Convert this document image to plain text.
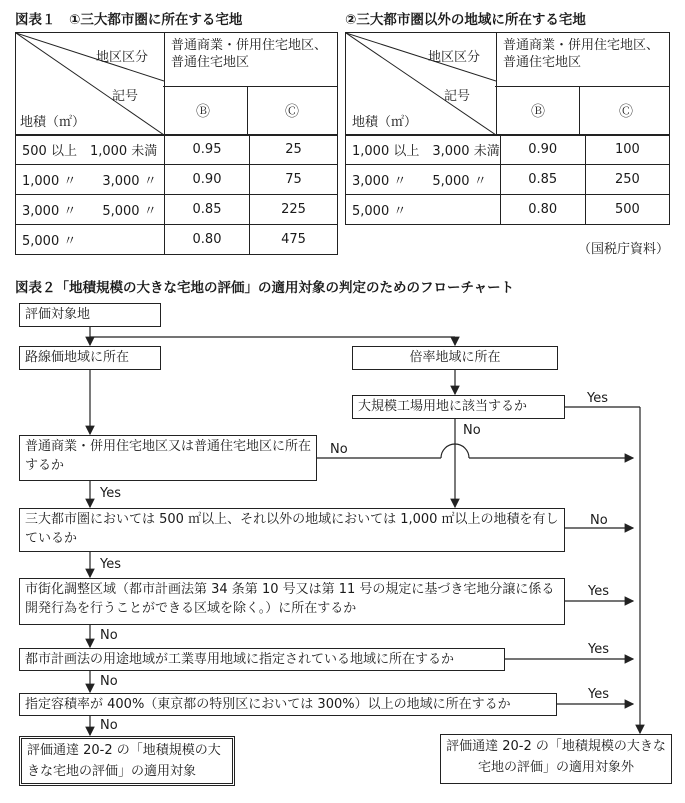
図表１　①三大都市圏に所在する宅地	②三大都市圏以外の地域に所在する宅地
地区区分
記号
地積（㎡）

普通商業・併用住宅地区、普通住宅地区
Ⓑ	Ⓒ
500 以上　1,000 未満	0.95	25
1,000 〃　　3,000 〃	0.90	75
3,000 〃　　5,000 〃	0.85	225
5,000 〃	0.80	475
地区区分
記号
地積（㎡）

普通商業・併用住宅地区、普通住宅地区
Ⓑ	Ⓒ
1,000 以上　3,000 未満	0.90	100
3,000 〃　　5,000 〃	0.85	250
5,000 〃	0.80	500
（国税庁資料）
図表２「地積規模の大きな宅地の評価」の適用対象の判定のためのフローチャート
評価対象地
路線価地域に所在	倍率地域に所在
大規模工場用地に該当するか
普通商業・併用住宅地区又は普通住宅地区に所在するか
三大都市圏においては 500 ㎡以上、それ以外の地域においては 1,000 ㎡以上の地積を有しているか
市街化調整区域（都市計画法第 34 条第 10 号又は第 11 号の規定に基づき宅地分譲に係る開発行為を行うことができる区域を除く。）に所在するか
都市計画法の用途地域が工業専用地域に指定されている地域に所在するか
指定容積率が 400%（東京都の特別区においては 300%）以上の地域に所在するか
評価通達 20-2 の「地積規模の大きな宅地の評価」の適用対象
評価通達 20-2 の「地積規模の大きな宅地の評価」の適用対象外
Yes
No
No
Yes
No
Yes
Yes
No
Yes
No
Yes
No
